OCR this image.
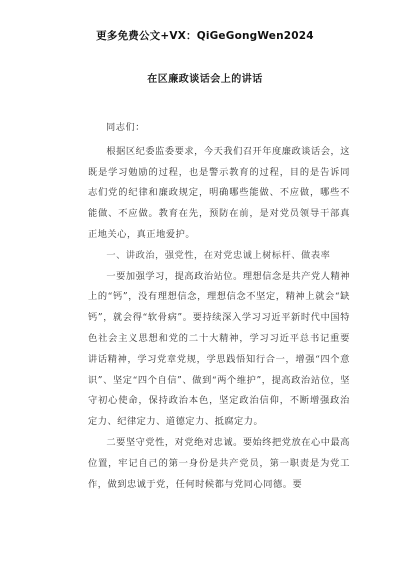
更多免费公文+VX：QiGeGongWen2024
在区廉政谈话会上的讲话

同志们：

根据区纪委监委要求，今天我们召开年度廉政谈话会，这既是学习勉励的过程，也是警示教育的过程，目的是告诉同志们党的纪律和廉政规定，明确哪些能做、不应做，哪些不能做、不应做。教育在先，预防在前，是对党员领导干部真正地关心，真正地爱护。

一、讲政治，强党性，在对党忠诚上树标杆、做表率

一要加强学习，提高政治站位。理想信念是共产党人精神上的“钙”，没有理想信念，理想信念不坚定，精神上就会“缺钙”，就会得“软骨病”。要持续深入学习习近平新时代中国特色社会主义思想和党的二十大精神，学习习近平总书记重要讲话精神，学习党章党规，学思践悟知行合一，增强“四个意识”、坚定“四个自信”、做到“两个维护”，提高政治站位，坚守初心使命，保持政治本色，坚定政治信仰，不断增强政治定力、纪律定力、道德定力、抵腐定力。

二要坚守党性，对党绝对忠诚。要始终把党放在心中最高位置，牢记自己的第一身份是共产党员，第一职责是为党工作，做到忠诚于党，任何时候都与党同心同德。要
